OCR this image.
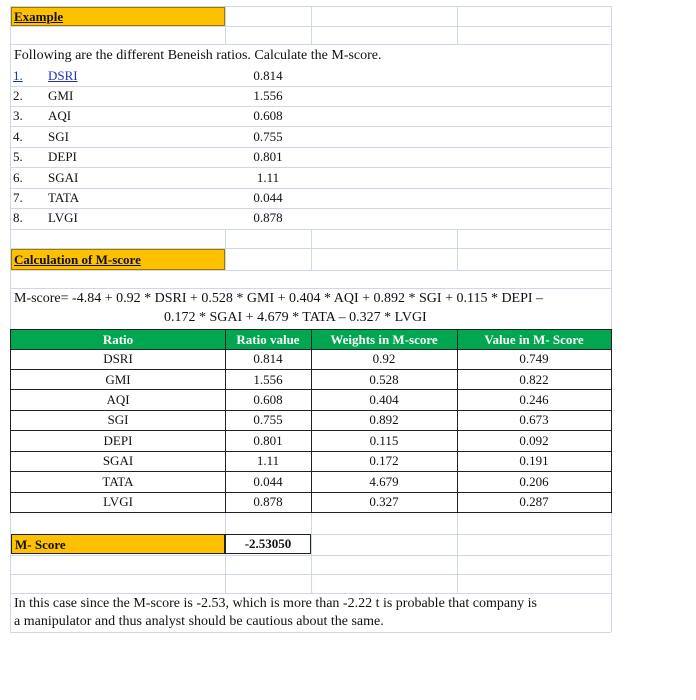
Example
Following are the different Beneish ratios. Calculate the M-score.
1. DSRI	0.814
2. GMI	1.556
3. AQI	0.608
4. SGI	0.755
5. DEPI	0.801
6. SGAI	1.11
7. TATA	0.044
8. LVGI	0.878
Calculation of M-score
M-score= -4.84 + 0.92 * DSRI + 0.528 * GMI + 0.404 * AQI + 0.892 * SGI + 0.115 * DEPI –
0.172 * SGAI + 4.679 * TATA – 0.327 * LVGI
Ratio	Ratio value	Weights in M-score	Value in M- Score
DSRI	0.814	0.92	0.749
GMI	1.556	0.528	0.822
AQI	0.608	0.404	0.246
SGI	0.755	0.892	0.673
DEPI	0.801	0.115	0.092
SGAI	1.11	0.172	0.191
TATA	0.044	4.679	0.206
LVGI	0.878	0.327	0.287
M- Score	-2.53050
In this case since the M-score is -2.53, which is more than -2.22 t is probable that company is
a manipulator and thus analyst should be cautious about the same.
